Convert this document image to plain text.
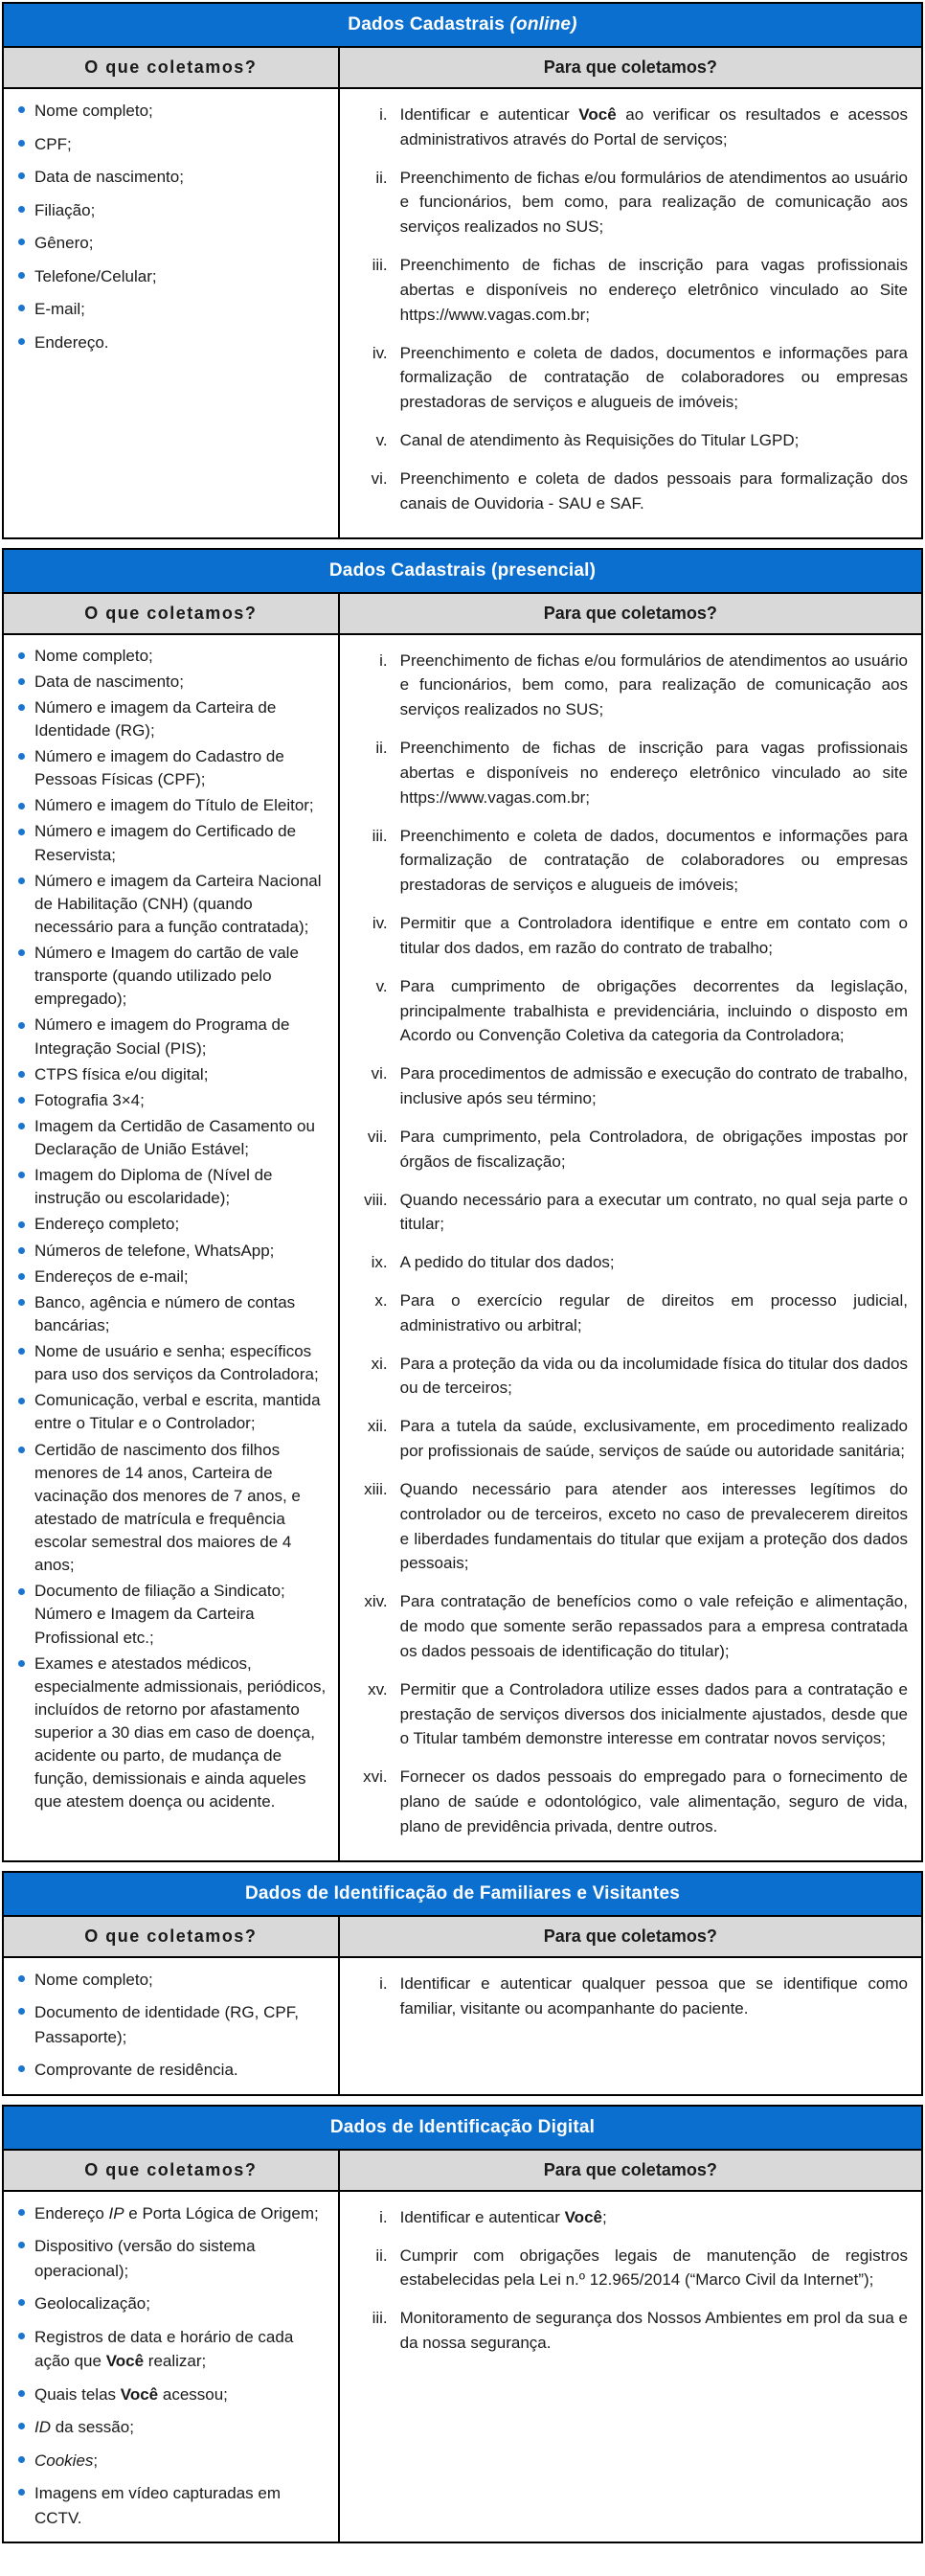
Dados Cadastrais (online)
O que coletamos?	Para que coletamos?
Nome completo;
CPF;
Data de nascimento;
Filiação;
Gênero;
Telefone/Celular;
E-mail;
Endereço.
i. Identificar e autenticar Você ao verificar os resultados e acessos administrativos através do Portal de serviços;
ii. Preenchimento de fichas e/ou formulários de atendimentos ao usuário e funcionários, bem como, para realização de comunicação aos serviços realizados no SUS;
iii. Preenchimento de fichas de inscrição para vagas profissionais abertas e disponíveis no endereço eletrônico vinculado ao Site https://www.vagas.com.br;
iv. Preenchimento e coleta de dados, documentos e informações para formalização de contratação de colaboradores ou empresas prestadoras de serviços e alugueis de imóveis;
v. Canal de atendimento às Requisições do Titular LGPD;
vi. Preenchimento e coleta de dados pessoais para formalização dos canais de Ouvidoria - SAU e SAF.
Dados Cadastrais (presencial)
O que coletamos?	Para que coletamos?
Nome completo;
Data de nascimento;
Número e imagem da Carteira de Identidade (RG);
Número e imagem do Cadastro de Pessoas Físicas (CPF);
Número e imagem do Título de Eleitor;
Número e imagem do Certificado de Reservista;
Número e imagem da Carteira Nacional de Habilitação (CNH) (quando necessário para a função contratada);
Número e Imagem do cartão de vale transporte (quando utilizado pelo empregado);
Número e imagem do Programa de Integração Social (PIS);
CTPS física e/ou digital;
Fotografia 3×4;
Imagem da Certidão de Casamento ou Declaração de União Estável;
Imagem do Diploma de (Nível de instrução ou escolaridade);
Endereço completo;
Números de telefone, WhatsApp;
Endereços de e-mail;
Banco, agência e número de contas bancárias;
Nome de usuário e senha; específicos para uso dos serviços da Controladora;
Comunicação, verbal e escrita, mantida entre o Titular e o Controlador;
Certidão de nascimento dos filhos menores de 14 anos, Carteira de vacinação dos menores de 7 anos, e atestado de matrícula e frequência escolar semestral dos maiores de 4 anos;
Documento de filiação a Sindicato; Número e Imagem da Carteira Profissional etc.;
Exames e atestados médicos, especialmente admissionais, periódicos, incluídos de retorno por afastamento superior a 30 dias em caso de doença, acidente ou parto, de mudança de função, demissionais e ainda aqueles que atestem doença ou acidente.
i. Preenchimento de fichas e/ou formulários de atendimentos ao usuário e funcionários, bem como, para realização de comunicação aos serviços realizados no SUS;
ii. Preenchimento de fichas de inscrição para vagas profissionais abertas e disponíveis no endereço eletrônico vinculado ao site https://www.vagas.com.br;
iii. Preenchimento e coleta de dados, documentos e informações para formalização de contratação de colaboradores ou empresas prestadoras de serviços e alugueis de imóveis;
iv. Permitir que a Controladora identifique e entre em contato com o titular dos dados, em razão do contrato de trabalho;
v. Para cumprimento de obrigações decorrentes da legislação, principalmente trabalhista e previdenciária, incluindo o disposto em Acordo ou Convenção Coletiva da categoria da Controladora;
vi. Para procedimentos de admissão e execução do contrato de trabalho, inclusive após seu término;
vii. Para cumprimento, pela Controladora, de obrigações impostas por órgãos de fiscalização;
viii. Quando necessário para a executar um contrato, no qual seja parte o titular;
ix. A pedido do titular dos dados;
x. Para o exercício regular de direitos em processo judicial, administrativo ou arbitral;
xi. Para a proteção da vida ou da incolumidade física do titular dos dados ou de terceiros;
xii. Para a tutela da saúde, exclusivamente, em procedimento realizado por profissionais de saúde, serviços de saúde ou autoridade sanitária;
xiii. Quando necessário para atender aos interesses legítimos do controlador ou de terceiros, exceto no caso de prevalecerem direitos e liberdades fundamentais do titular que exijam a proteção dos dados pessoais;
xiv. Para contratação de benefícios como o vale refeição e alimentação, de modo que somente serão repassados para a empresa contratada os dados pessoais de identificação do titular);
xv. Permitir que a Controladora utilize esses dados para a contratação e prestação de serviços diversos dos inicialmente ajustados, desde que o Titular também demonstre interesse em contratar novos serviços;
xvi. Fornecer os dados pessoais do empregado para o fornecimento de plano de saúde e odontológico, vale alimentação, seguro de vida, plano de previdência privada, dentre outros.
Dados de Identificação de Familiares e Visitantes
O que coletamos?	Para que coletamos?
Nome completo;
Documento de identidade (RG, CPF, Passaporte);
Comprovante de residência.
i. Identificar e autenticar qualquer pessoa que se identifique como familiar, visitante ou acompanhante do paciente.
Dados de Identificação Digital
O que coletamos?	Para que coletamos?
Endereço IP e Porta Lógica de Origem;
Dispositivo (versão do sistema operacional);
Geolocalização;
Registros de data e horário de cada ação que Você realizar;
Quais telas Você acessou;
ID da sessão;
Cookies;
Imagens em vídeo capturadas em CCTV.
i. Identificar e autenticar Você;
ii. Cumprir com obrigações legais de manutenção de registros estabelecidas pela Lei n.º 12.965/2014 (“Marco Civil da Internet”);
iii. Monitoramento de segurança dos Nossos Ambientes em prol da sua e da nossa segurança.
